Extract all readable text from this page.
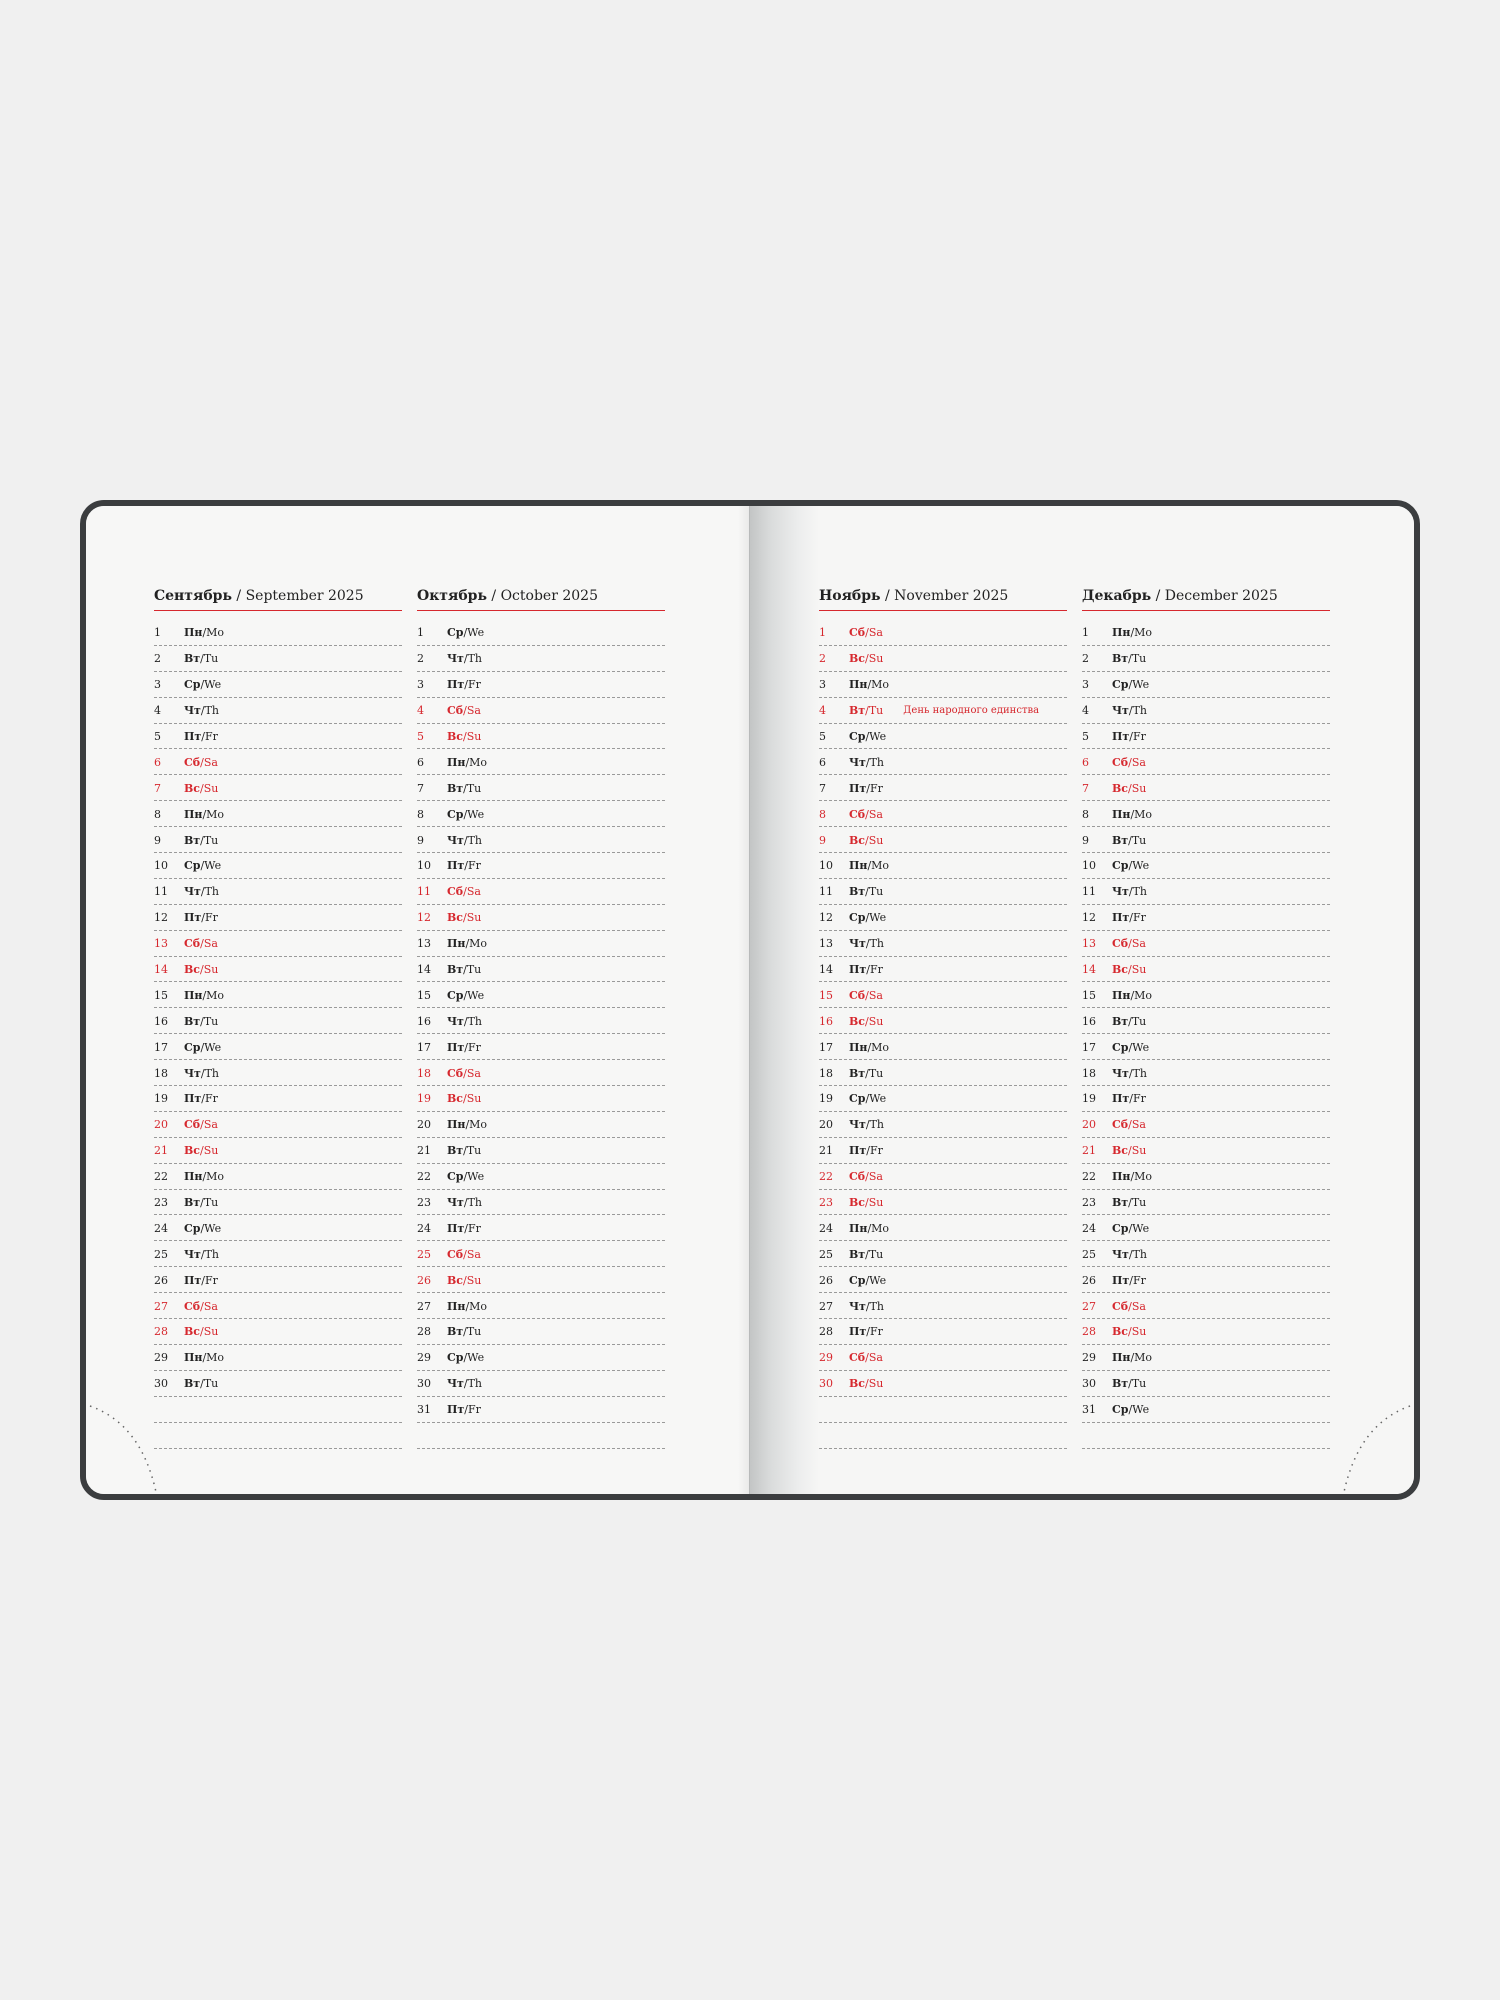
Сентябрь / September 2025
1	Пн/Mo
2	Вт/Tu
3	Ср/We
4	Чт/Th
5	Пт/Fr
6	Сб/Sa
7	Вс/Su
8	Пн/Mo
9	Вт/Tu
10	Ср/We
11	Чт/Th
12	Пт/Fr
13	Сб/Sa
14	Вс/Su
15	Пн/Mo
16	Вт/Tu
17	Ср/We
18	Чт/Th
19	Пт/Fr
20	Сб/Sa
21	Вс/Su
22	Пн/Mo
23	Вт/Tu
24	Ср/We
25	Чт/Th
26	Пт/Fr
27	Сб/Sa
28	Вс/Su
29	Пн/Mo
30	Вт/Tu
Октябрь / October 2025
1	Ср/We
2	Чт/Th
3	Пт/Fr
4	Сб/Sa
5	Вс/Su
6	Пн/Mo
7	Вт/Tu
8	Ср/We
9	Чт/Th
10	Пт/Fr
11	Сб/Sa
12	Вс/Su
13	Пн/Mo
14	Вт/Tu
15	Ср/We
16	Чт/Th
17	Пт/Fr
18	Сб/Sa
19	Вс/Su
20	Пн/Mo
21	Вт/Tu
22	Ср/We
23	Чт/Th
24	Пт/Fr
25	Сб/Sa
26	Вс/Su
27	Пн/Mo
28	Вт/Tu
29	Ср/We
30	Чт/Th
31	Пт/Fr
Ноябрь / November 2025
1	Сб/Sa
2	Вс/Su
3	Пн/Mo
4	Вт/Tu День народного единства
5	Ср/We
6	Чт/Th
7	Пт/Fr
8	Сб/Sa
9	Вс/Su
10	Пн/Mo
11	Вт/Tu
12	Ср/We
13	Чт/Th
14	Пт/Fr
15	Сб/Sa
16	Вс/Su
17	Пн/Mo
18	Вт/Tu
19	Ср/We
20	Чт/Th
21	Пт/Fr
22	Сб/Sa
23	Вс/Su
24	Пн/Mo
25	Вт/Tu
26	Ср/We
27	Чт/Th
28	Пт/Fr
29	Сб/Sa
30	Вс/Su
Декабрь / December 2025
1	Пн/Mo
2	Вт/Tu
3	Ср/We
4	Чт/Th
5	Пт/Fr
6	Сб/Sa
7	Вс/Su
8	Пн/Mo
9	Вт/Tu
10	Ср/We
11	Чт/Th
12	Пт/Fr
13	Сб/Sa
14	Вс/Su
15	Пн/Mo
16	Вт/Tu
17	Ср/We
18	Чт/Th
19	Пт/Fr
20	Сб/Sa
21	Вс/Su
22	Пн/Mo
23	Вт/Tu
24	Ср/We
25	Чт/Th
26	Пт/Fr
27	Сб/Sa
28	Вс/Su
29	Пн/Mo
30	Вт/Tu
31	Ср/We
